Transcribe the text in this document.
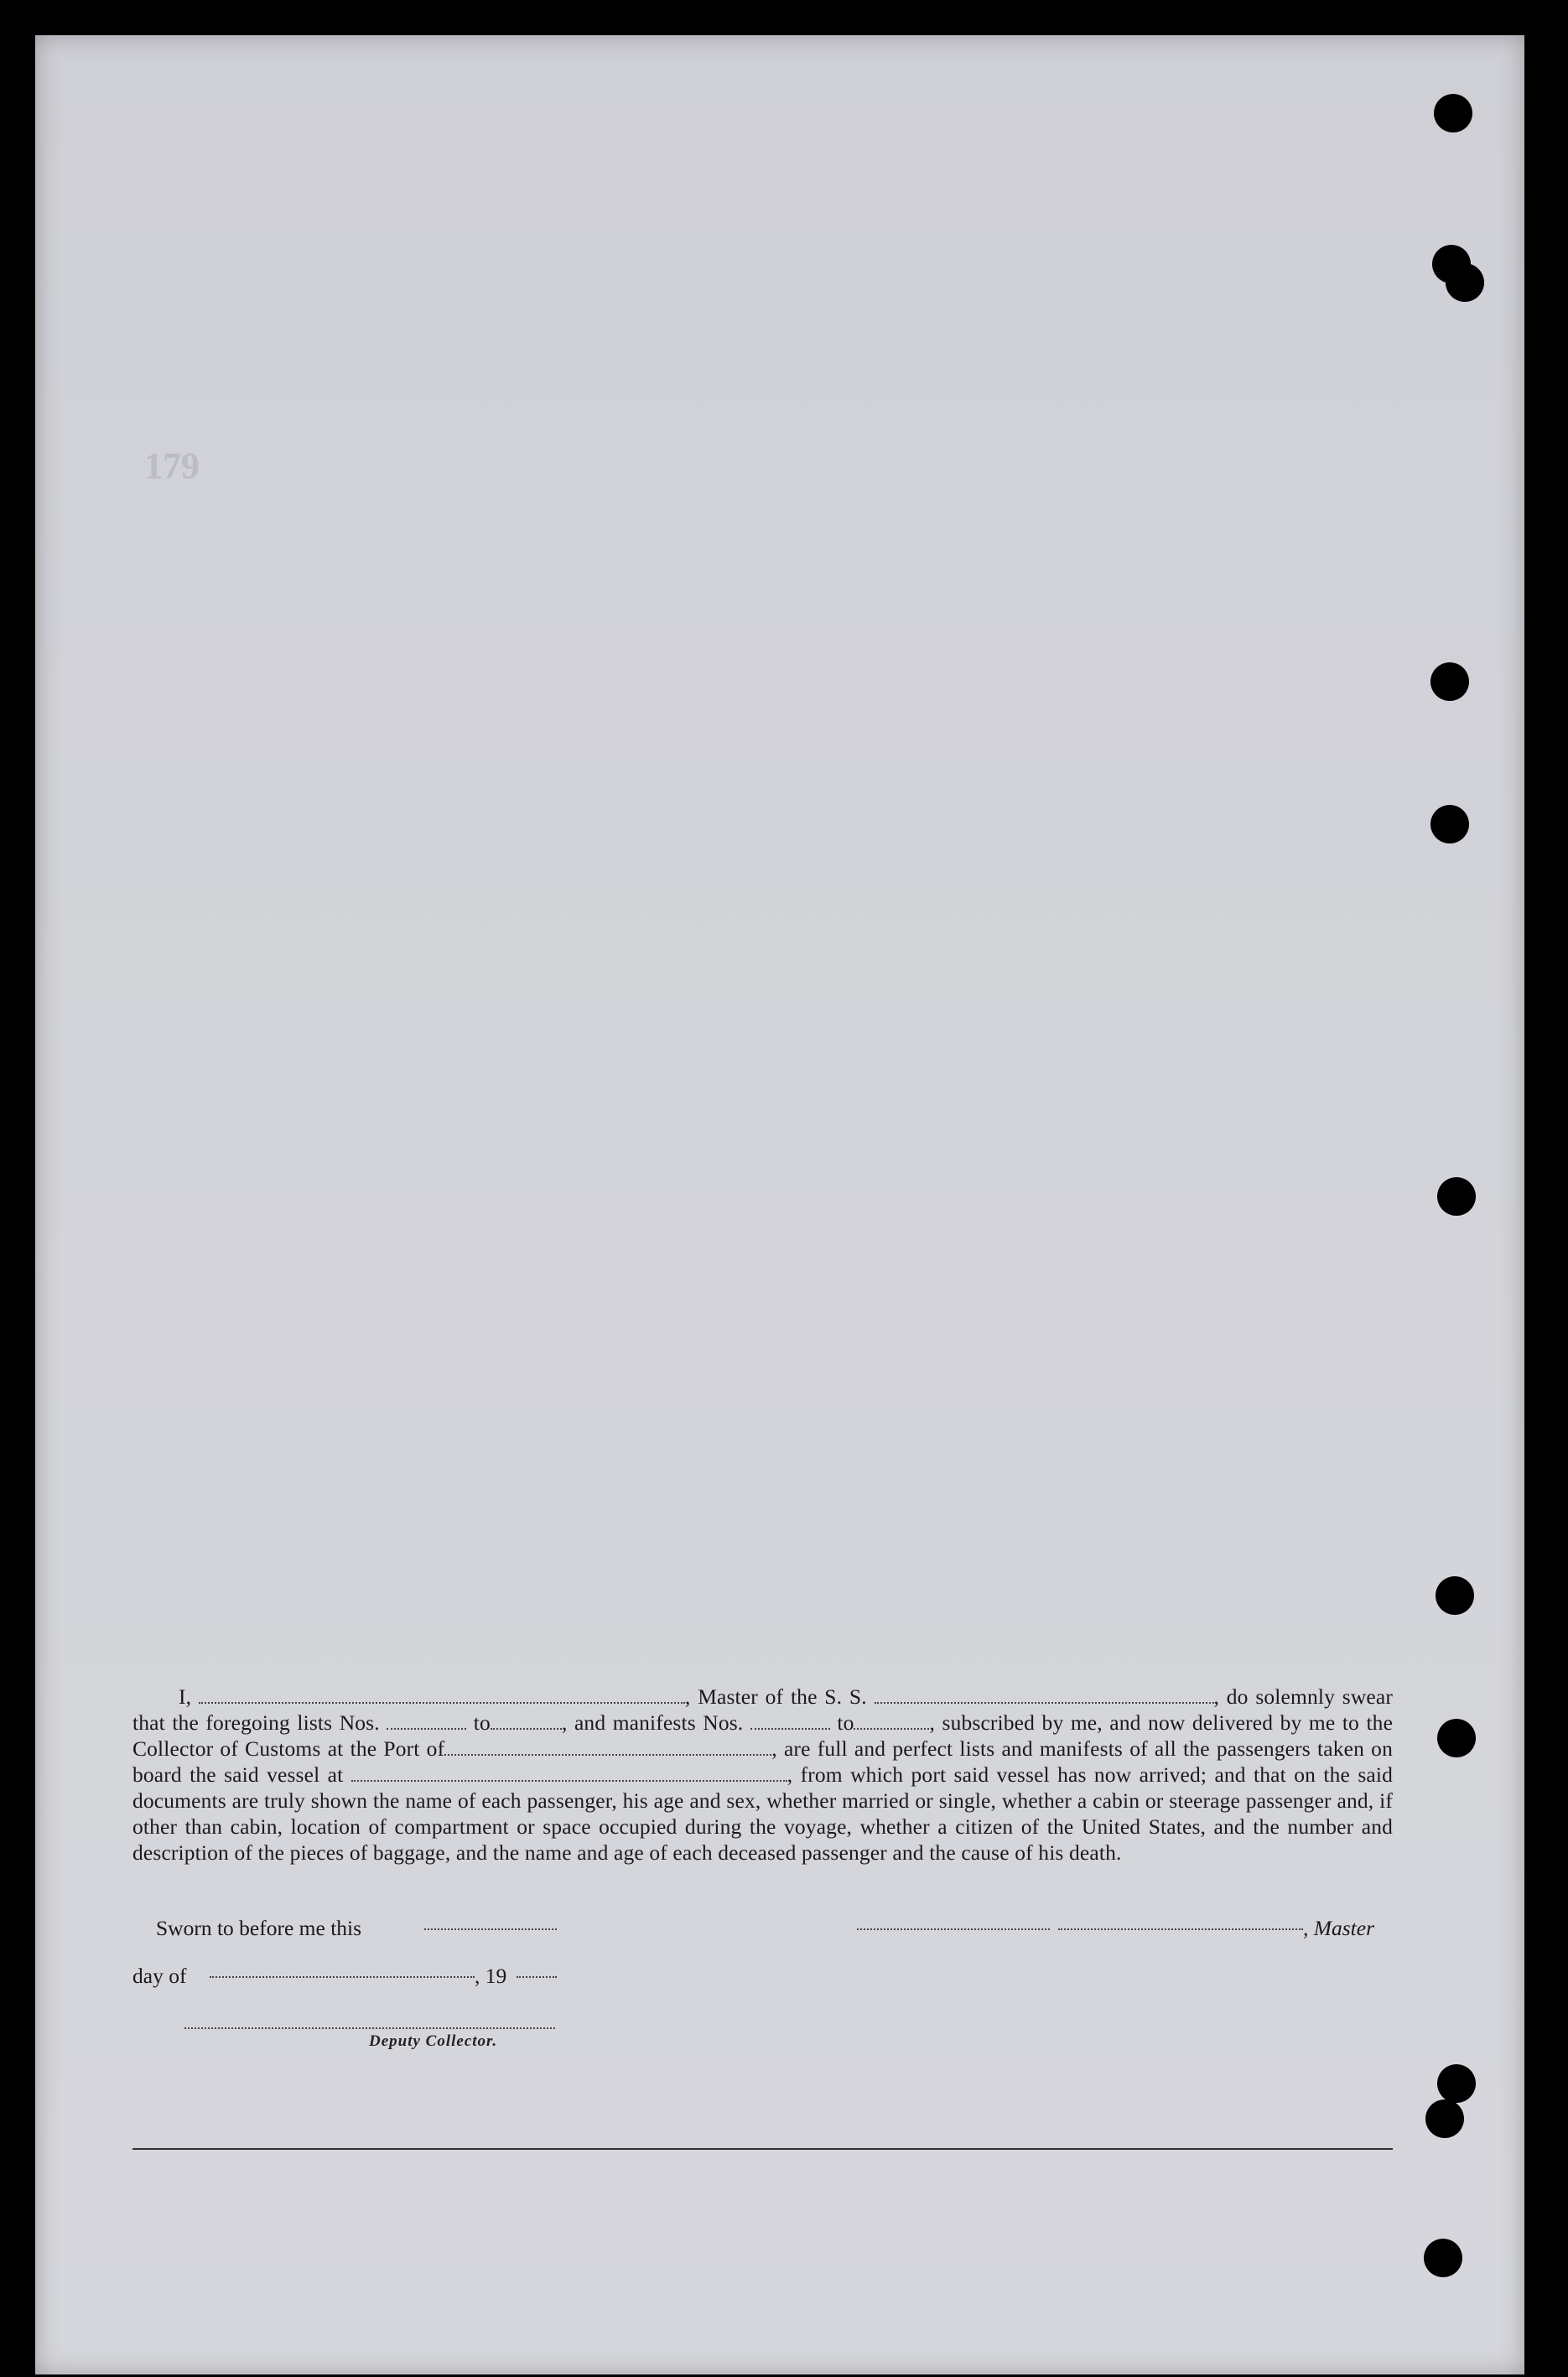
179
I,	, Master of the S. S.	, do solemnly swear that the foregoing lists Nos.	to	, and manifests Nos.	to	, subscribed by me, and now delivered by me to the Collector of Customs at the Port of	, are full and perfect lists and manifests of all the passengers taken on board the said vessel at	, from which port said vessel has now arrived; and that on the said documents are truly shown the name of each passenger, his age and sex, whether married or single, whether a cabin or steerage passenger and, if other than cabin, location of compartment or space occupied during the voyage, whether a citizen of the United States, and the number and description of the pieces of baggage, and the name and age of each deceased passenger and the cause of his death.
Sworn to before me this	, Master
day of	, 19
Deputy Collector.
